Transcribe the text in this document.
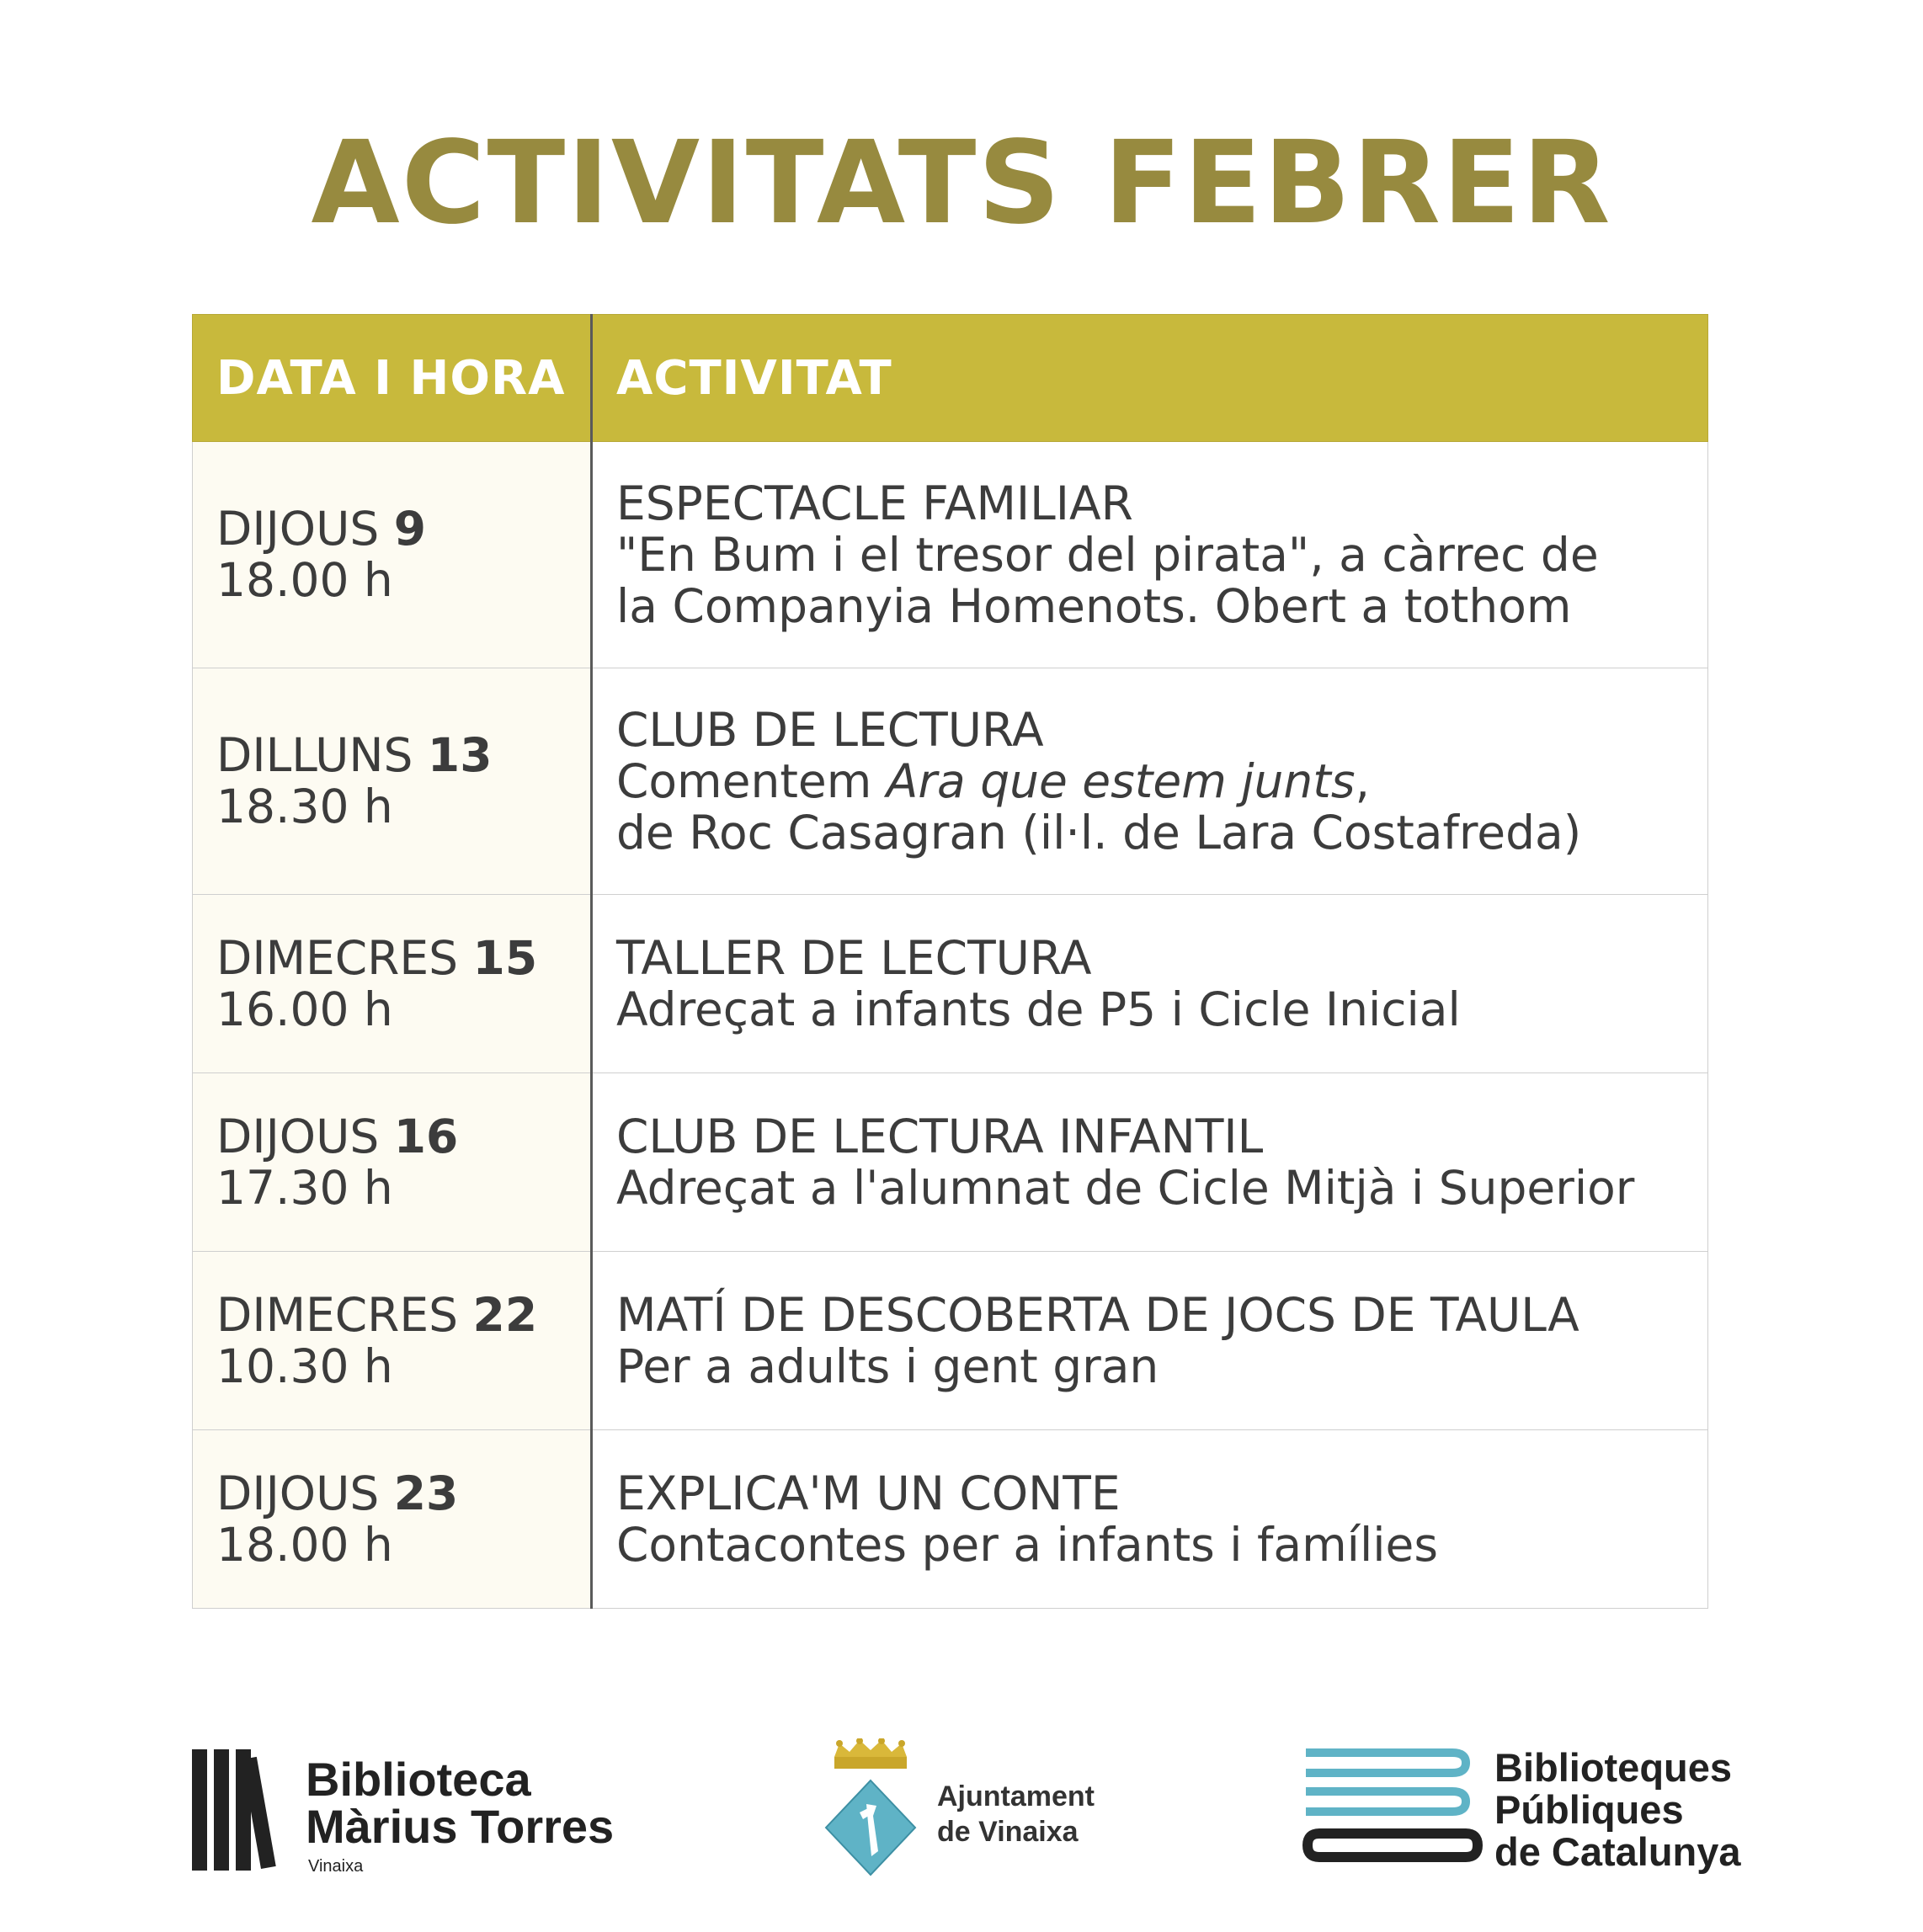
ACTIVITATS FEBRER
DATA I HORA	ACTIVITAT

DIJOUS 9
18.00 h	ESPECTACLE FAMILIAR
"En Bum i el tresor del pirata", a càrrec de
la Companyia Homenots. Obert a tothom

DILLUNS 13
18.30 h	CLUB DE LECTURA
Comentem Ara que estem junts,
de Roc Casagran (il·l. de Lara Costafreda)

DIMECRES 15
16.00 h	TALLER DE LECTURA
Adreçat a infants de P5 i Cicle Inicial

DIJOUS 16
17.30 h	CLUB DE LECTURA INFANTIL
Adreçat a l'alumnat de Cicle Mitjà i Superior

DIMECRES 22
10.30 h	MATÍ DE DESCOBERTA DE JOCS DE TAULA
Per a adults i gent gran

DIJOUS 23
18.00 h	EXPLICA'M UN CONTE
Contacontes per a infants i famílies
Biblioteca
Màrius Torres
Vinaixa
Ajuntament
de Vinaixa
Biblioteques
Públiques
de Catalunya
